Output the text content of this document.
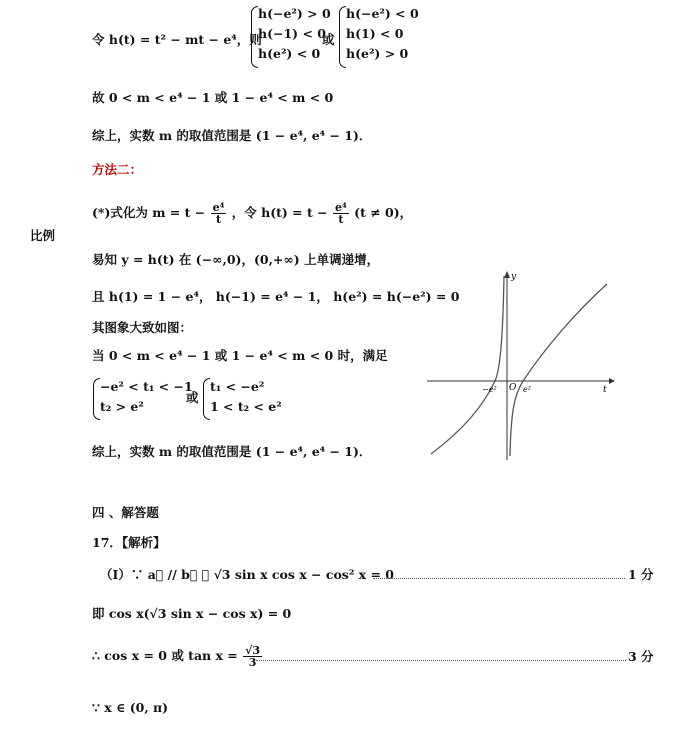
令 h(t) = t² − mt − e⁴，则
h(−e²) > 0
h(−1) < 0
h(e²) < 0
或
h(−e²) < 0
h(1) < 0
h(e²) > 0
故 0 < m < e⁴ − 1 或 1 − e⁴ < m < 0
综上，实数 m 的取值范围是 (1 − e⁴, e⁴ − 1)．
方法二：
(*)式化为 $m = t - \frac{\text{e⁴}}{t}$ ，令 $h(t) = t - \frac{\text{e⁴}}{t} (t \ne 0)$，
比例
易知 y = h(t) 在 (−∞,0)，(0,+∞) 上单调递增，
且 h(1) = 1 − e⁴， h(−1) = e⁴ − 1， h(e²) = h(−e²) = 0
其图象大致如图：
当 0 < m < e⁴ − 1 或 1 − e⁴ < m < 0 时，满足
−e² < t₁ < −1
t₂ > e²
或
t₁ < −e²
1 < t₂ < e²
综上，实数 m 的取值范围是 (1 − e⁴, e⁴ − 1)．
y
t
O
−e²	e²
四 、解答题
17．【解析】
（I）∵ a⃗ // b⃗ ∴ √3 sin x cos x − cos² x = 0	1 分
即 cos x(√3 sin x − cos x) = 0
∴ cos x = 0 或 $\tan x = \frac{√3}{3}$	3 分
∵ x ∈ (0, π)
